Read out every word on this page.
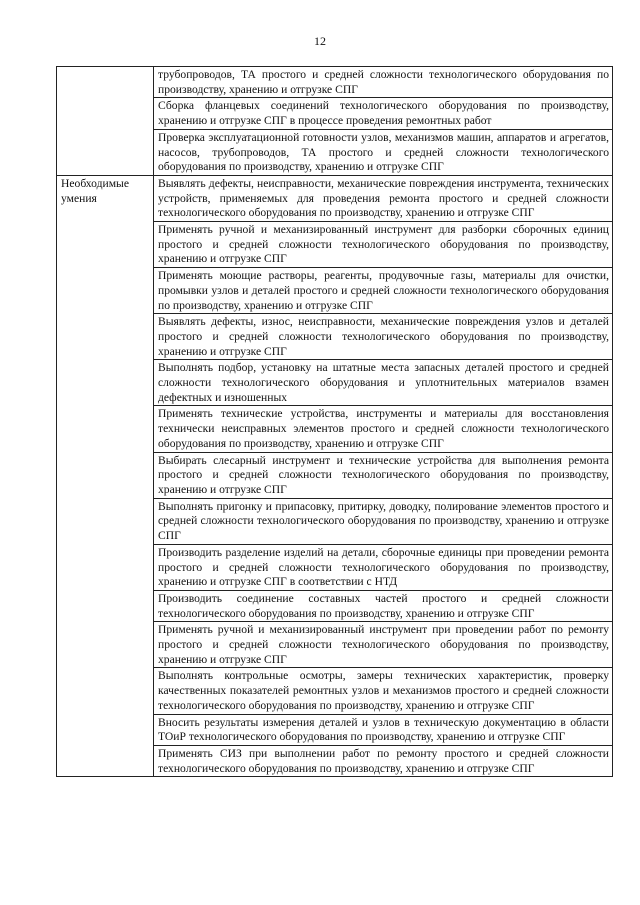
12
	трубопроводов, ТА простого и средней сложности технологического оборудования по производству, хранению и отгрузке СПГ
	Сборка фланцевых соединений технологического оборудования по производству, хранению и отгрузке СПГ в процессе проведения ремонтных работ
	Проверка эксплуатационной готовности узлов, механизмов машин, аппаратов и агрегатов, насосов, трубопроводов, ТА простого и средней сложности технологического оборудования по производству, хранению и отгрузке СПГ
Необходимые умения	Выявлять дефекты, неисправности, механические повреждения инструмента, технических устройств, применяемых для проведения ремонта простого и средней сложности технологического оборудования по производству, хранению и отгрузке СПГ
	Применять ручной и механизированный инструмент для разборки сборочных единиц простого и средней сложности технологического оборудования по производству, хранению и отгрузке СПГ
	Применять моющие растворы, реагенты, продувочные газы, материалы для очистки, промывки узлов и деталей простого и средней сложности технологического оборудования по производству, хранению и отгрузке СПГ
	Выявлять дефекты, износ, неисправности, механические повреждения узлов и деталей простого и средней сложности технологического оборудования по производству, хранению и отгрузке СПГ
	Выполнять подбор, установку на штатные места запасных деталей простого и средней сложности технологического оборудования и уплотнительных материалов взамен дефектных и изношенных
	Применять технические устройства, инструменты и материалы для восстановления технически неисправных элементов простого и средней сложности технологического оборудования по производству, хранению и отгрузке СПГ
	Выбирать слесарный инструмент и технические устройства для выполнения ремонта простого и средней сложности технологического оборудования по производству, хранению и отгрузке СПГ
	Выполнять пригонку и припасовку, притирку, доводку, полирование элементов простого и средней сложности технологического оборудования по производству, хранению и отгрузке СПГ
	Производить разделение изделий на детали, сборочные единицы при проведении ремонта простого и средней сложности технологического оборудования по производству, хранению и отгрузке СПГ в соответствии с НТД
	Производить соединение составных частей простого и средней сложности технологического оборудования по производству, хранению и отгрузке СПГ
	Применять ручной и механизированный инструмент при проведении работ по ремонту простого и средней сложности технологического оборудования по производству, хранению и отгрузке СПГ
	Выполнять контрольные осмотры, замеры технических характеристик, проверку качественных показателей ремонтных узлов и механизмов простого и средней сложности технологического оборудования по производству, хранению и отгрузке СПГ
	Вносить результаты измерения деталей и узлов в техническую документацию в области ТОиР технологического оборудования по производству, хранению и отгрузке СПГ
	Применять СИЗ при выполнении работ по ремонту простого и средней сложности технологического оборудования по производству, хранению и отгрузке СПГ
